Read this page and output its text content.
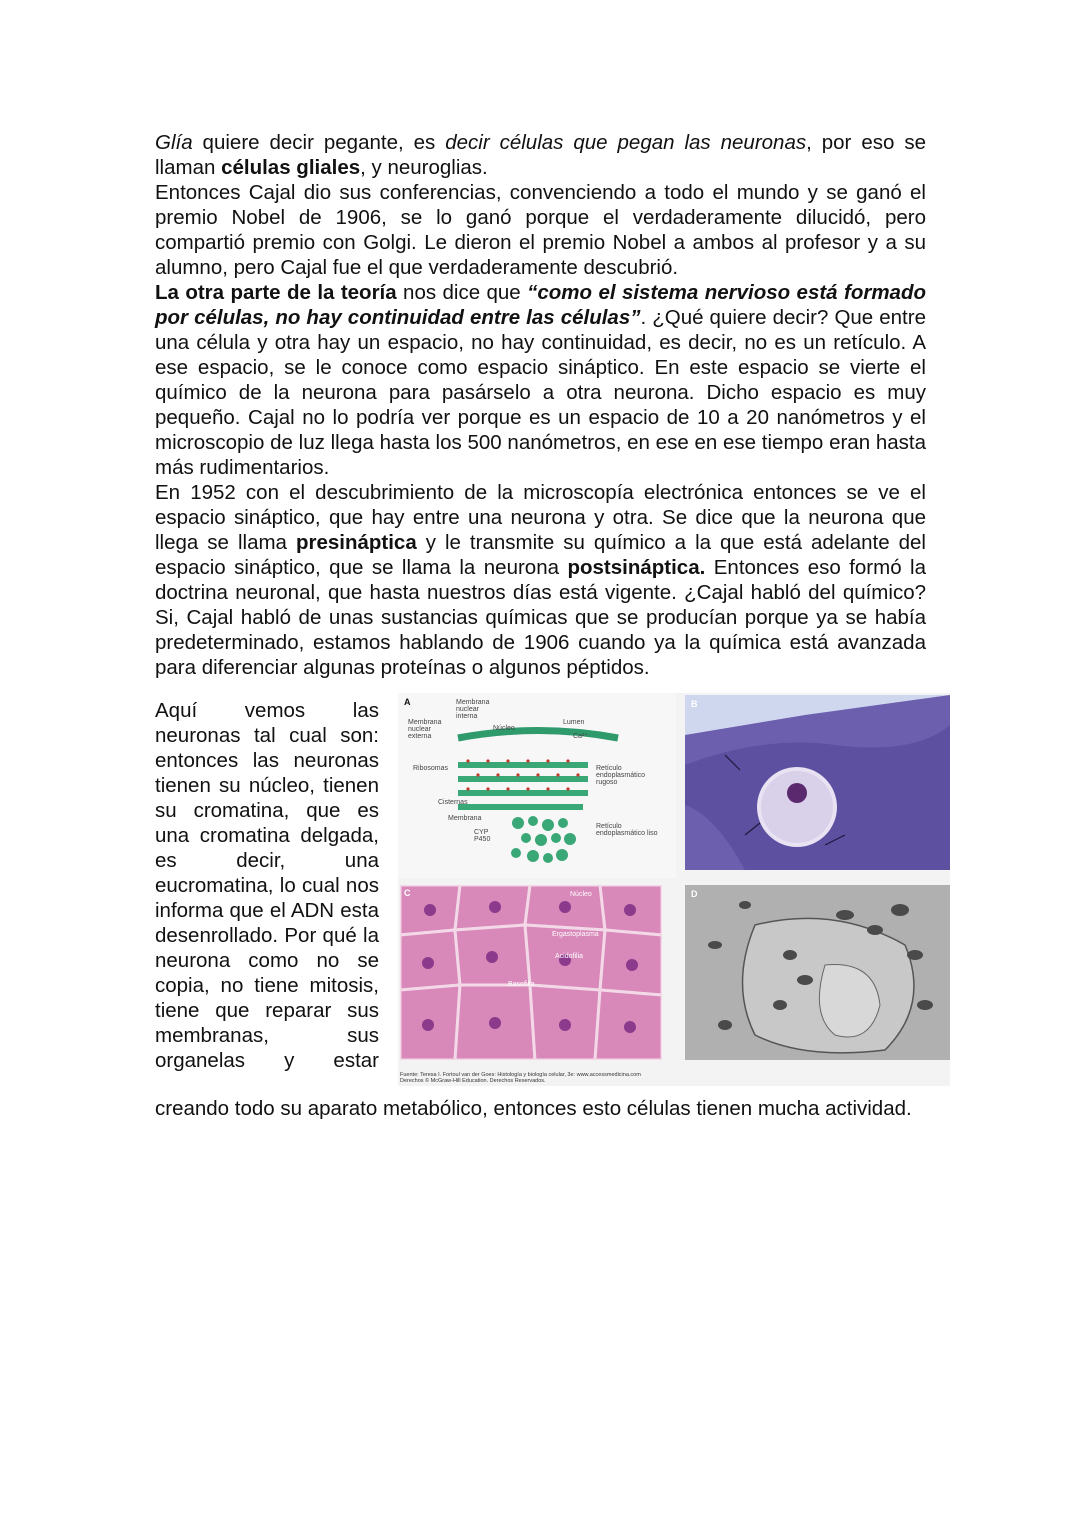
Glía quiere decir pegante, es decir células que pegan las neuronas, por eso se llaman células gliales, y neuroglias.

Entonces Cajal dio sus conferencias, convenciendo a todo el mundo y se ganó el premio Nobel de 1906, se lo ganó porque el verdaderamente dilucidó, pero compartió premio con Golgi. Le dieron el premio Nobel a ambos al profesor y a su alumno, pero Cajal fue el que verdaderamente descubrió.

La otra parte de la teoría nos dice que “como el sistema nervioso está formado por células, no hay continuidad entre las células”. ¿Qué quiere decir? Que entre una célula y otra hay un espacio, no hay continuidad, es decir, no es un retículo. A ese espacio, se le conoce como espacio sináptico. En este espacio se vierte el químico de la neurona para pasárselo a otra neurona. Dicho espacio es muy pequeño. Cajal no lo podría ver porque es un espacio de 10 a 20 nanómetros y el microscopio de luz llega hasta los 500 nanómetros, en ese en ese tiempo eran hasta más rudimentarios.

En 1952 con el descubrimiento de la microscopía electrónica entonces se ve el espacio sináptico, que hay entre una neurona y otra. Se dice que la neurona que llega se llama presináptica y le transmite su químico a la que está adelante del espacio sináptico, que se llama la neurona postsináptica. Entonces eso formó la doctrina neuronal, que hasta nuestros días está vigente. ¿Cajal habló del químico? Si, Cajal habló de unas sustancias químicas que se producían porque ya se había predeterminado, estamos hablando de 1906 cuando ya la química está avanzada para diferenciar algunas proteínas o algunos péptidos.

Aquí vemos las neuronas tal cual son: entonces las neuronas tienen su núcleo, tienen su cromatina, que es una cromatina delgada, es decir, una eucromatina, lo cual nos informa que el ADN esta desenrollado. Por qué la neurona como no se copia, no tiene mitosis, tiene que reparar sus membranas, sus organelas y estar

A	Membrana nuclear interna
Membrana nuclear externa
Núcleo
Lumen
Ca²⁺
Ribosomas	Retículo endoplasmático rugoso
Cisternas
Membrana
CYP P450
Retículo endoplasmático liso
B
C	Núcleo
Ergastoplasma
Acidofilia
Basofilia
D
Fuente: Teresa I. Fortoul van der Goes: Histología y biología celular, 3e: www.accessmedicina.com
Derechos © McGraw-Hill Education. Derechos Reservados.

creando todo su aparato metabólico, entonces esto células tienen mucha actividad.
